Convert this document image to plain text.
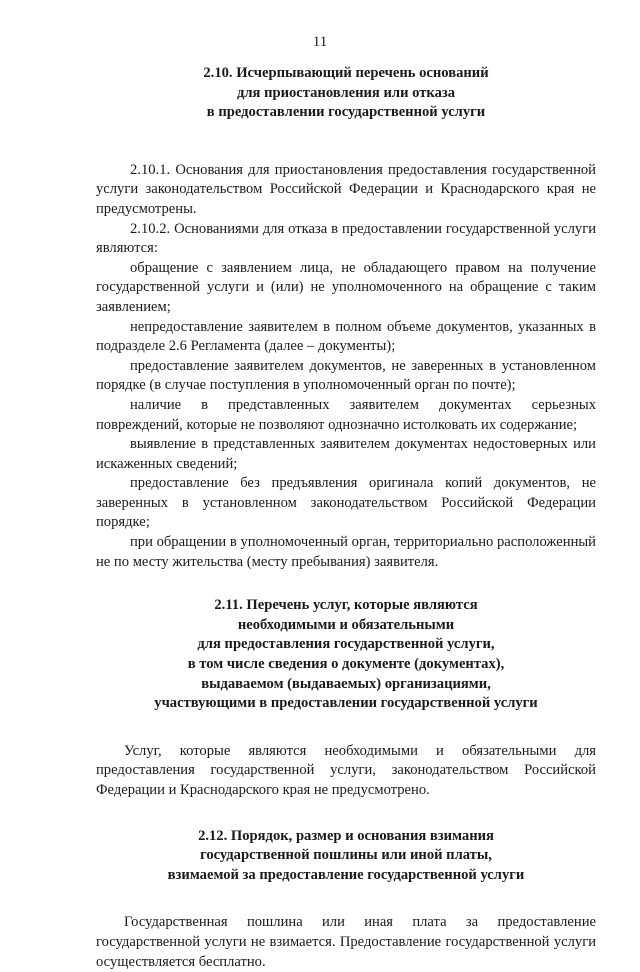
11
2.10. Исчерпывающий перечень оснований
для приостановления или отказа
в предоставлении государственной услуги

2.10.1. Основания для приостановления предоставления государственной услуги законодательством Российской Федерации и Краснодарского края не предусмотрены.

2.10.2. Основаниями для отказа в предоставлении государственной услуги являются:

обращение с заявлением лица, не обладающего правом на получение государственной услуги и (или) не уполномоченного на обращение с таким заявлением;

непредоставление заявителем в полном объеме документов, указанных в подразделе 2.6 Регламента (далее – документы);

предоставление заявителем документов, не заверенных в установленном порядке (в случае поступления в уполномоченный орган по почте);

наличие в представленных заявителем документах серьезных повреждений, которые не позволяют однозначно истолковать их содержание;

выявление в представленных заявителем документах недостоверных или искаженных сведений;

предоставление без предъявления оригинала копий документов, не заверенных в установленном законодательством Российской Федерации порядке;

при обращении в уполномоченный орган, территориально расположенный не по месту жительства (месту пребывания) заявителя.

2.11. Перечень услуг, которые являются
необходимыми и обязательными
для предоставления государственной услуги,
в том числе сведения о документе (документах),
выдаваемом (выдаваемых) организациями,
участвующими в предоставлении государственной услуги

Услуг, которые являются необходимыми и обязательными для предоставления государственной услуги, законодательством Российской Федерации и Краснодарского края не предусмотрено.

2.12. Порядок, размер и основания взимания
государственной пошлины или иной платы,
взимаемой за предоставление государственной услуги

Государственная пошлина или иная плата за предоставление государственной услуги не взимается. Предоставление государственной услуги осуществляется бесплатно.
